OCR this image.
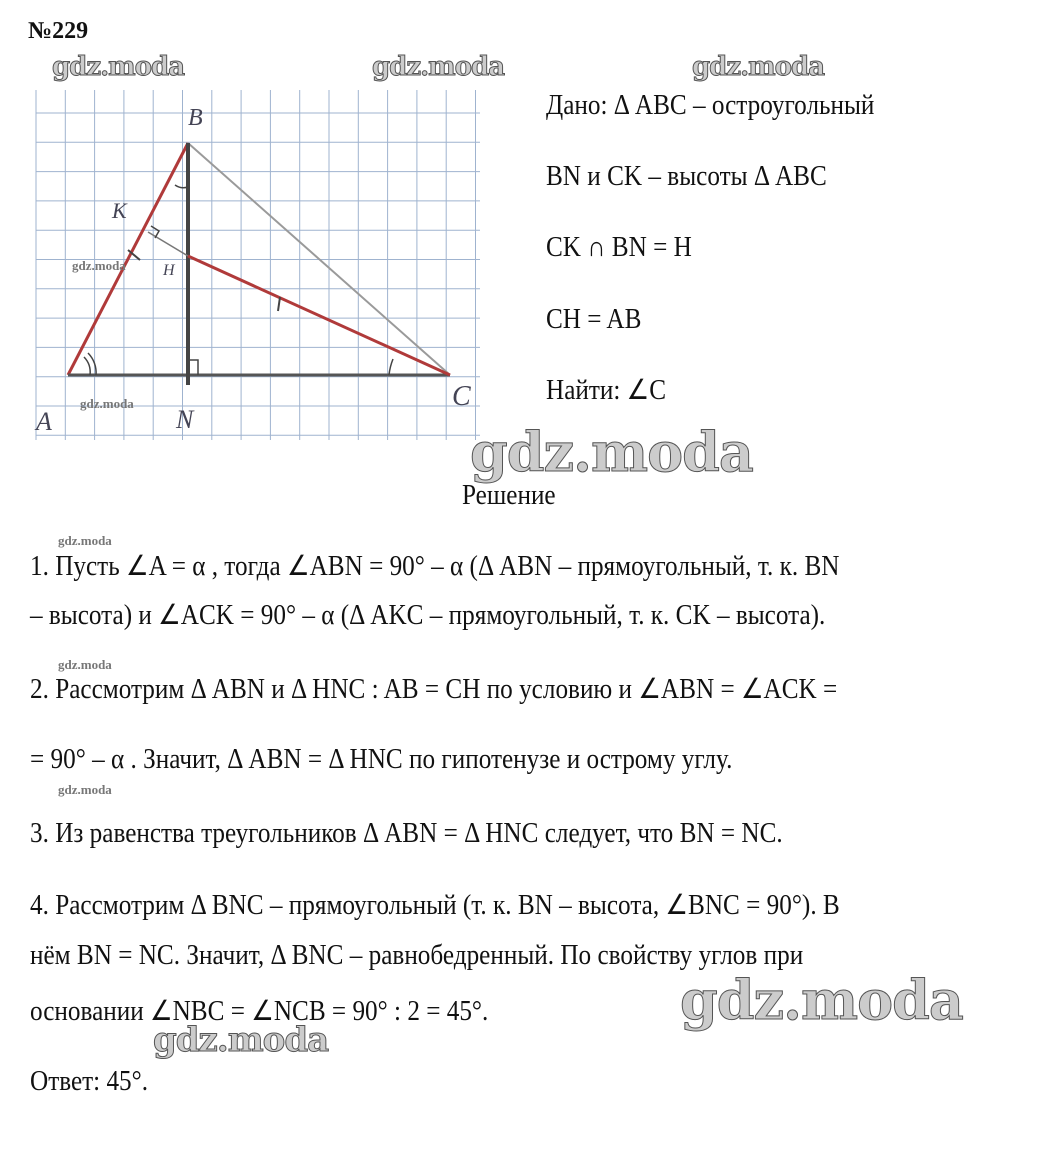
B
K
H
A	N
C
№229
gdz.moda	gdz.moda	gdz.moda
gdz.moda
gdz.moda
gdz.moda
gdz.moda
gdz.moda
gdz.moda
gdz.moda
gdz.moda
Дано: Δ ABC – остроугольный
BN и CK – высоты Δ ABC
CK ∩ BN = H
CH = AB
Найти: ∠C
Решение
1. Пусть ∠A = α , тогда ∠ABN = 90° – α (Δ ABN – прямоугольный, т. к. BN
– высота) и ∠ACK = 90° – α (Δ AKC – прямоугольный, т. к. CK – высота).
2. Рассмотрим Δ ABN и Δ HNC : AB = CH по условию и ∠ABN = ∠ACK =
= 90° – α . Значит, Δ ABN = Δ HNC по гипотенузе и острому углу.
3. Из равенства треугольников Δ ABN = Δ HNC следует, что BN = NC.
4. Рассмотрим Δ BNC – прямоугольный (т. к. BN – высота, ∠BNC = 90°). В
нём BN = NC. Значит, Δ BNC – равнобедренный. По свойству углов при
основании ∠NBC = ∠NCB = 90° : 2 = 45°.
Ответ: 45°.
